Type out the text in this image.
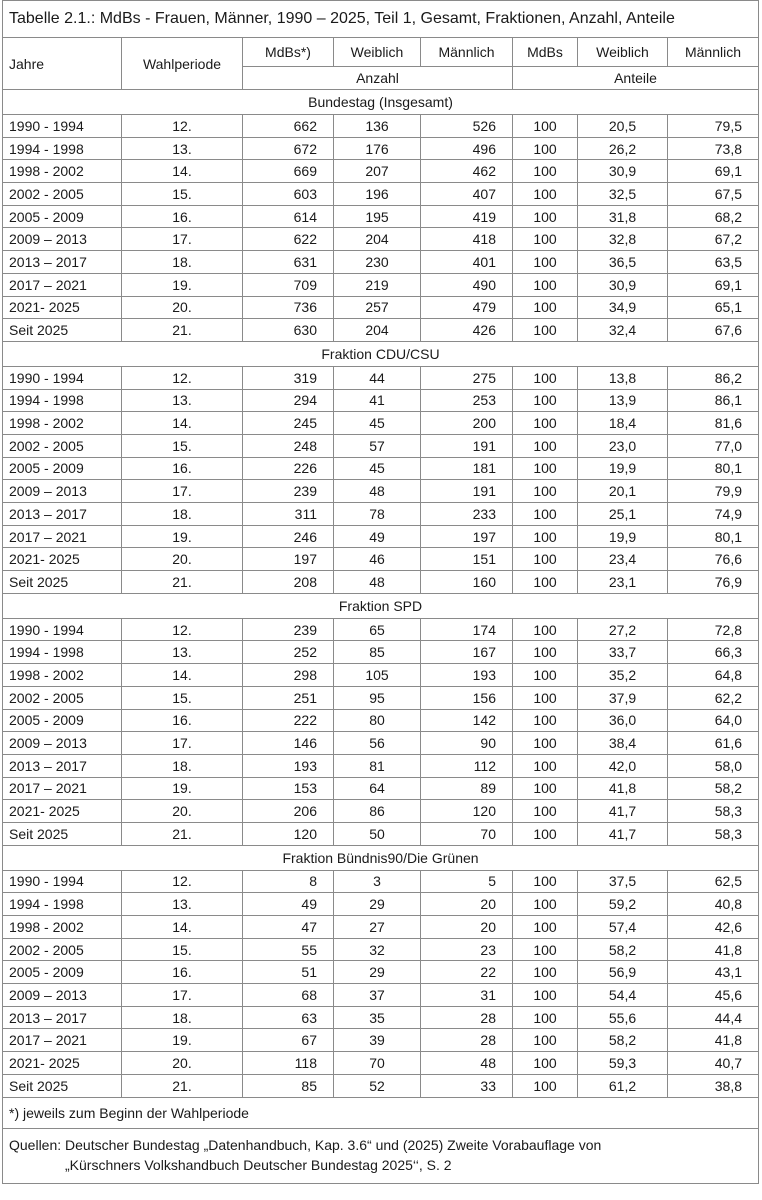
Tabelle 2.1.: MdBs - Frauen, Männer, 1990 – 2025, Teil 1, Gesamt, Fraktionen, Anzahl, Anteile							
Jahre	Wahlperiode	MdBs*)	Weiblich	Männlich	MdBs	Weiblich	Männlich
		Anzahl			Anteile		
Bundestag (Insgesamt)							
1990 - 1994	12.	662	136	526	100	20,5	79,5
1994 - 1998	13.	672	176	496	100	26,2	73,8
1998 - 2002	14.	669	207	462	100	30,9	69,1
2002 - 2005	15.	603	196	407	100	32,5	67,5
2005 - 2009	16.	614	195	419	100	31,8	68,2
2009 – 2013	17.	622	204	418	100	32,8	67,2
2013 – 2017	18.	631	230	401	100	36,5	63,5
2017 – 2021	19.	709	219	490	100	30,9	69,1
2021- 2025	20.	736	257	479	100	34,9	65,1
Seit 2025	21.	630	204	426	100	32,4	67,6
Fraktion CDU/CSU							
1990 - 1994	12.	319	44	275	100	13,8	86,2
1994 - 1998	13.	294	41	253	100	13,9	86,1
1998 - 2002	14.	245	45	200	100	18,4	81,6
2002 - 2005	15.	248	57	191	100	23,0	77,0
2005 - 2009	16.	226	45	181	100	19,9	80,1
2009 – 2013	17.	239	48	191	100	20,1	79,9
2013 – 2017	18.	311	78	233	100	25,1	74,9
2017 – 2021	19.	246	49	197	100	19,9	80,1
2021- 2025	20.	197	46	151	100	23,4	76,6
Seit 2025	21.	208	48	160	100	23,1	76,9
Fraktion SPD							
1990 - 1994	12.	239	65	174	100	27,2	72,8
1994 - 1998	13.	252	85	167	100	33,7	66,3
1998 - 2002	14.	298	105	193	100	35,2	64,8
2002 - 2005	15.	251	95	156	100	37,9	62,2
2005 - 2009	16.	222	80	142	100	36,0	64,0
2009 – 2013	17.	146	56	90	100	38,4	61,6
2013 – 2017	18.	193	81	112	100	42,0	58,0
2017 – 2021	19.	153	64	89	100	41,8	58,2
2021- 2025	20.	206	86	120	100	41,7	58,3
Seit 2025	21.	120	50	70	100	41,7	58,3
Fraktion Bündnis90/Die Grünen							
1990 - 1994	12.	8	3	5	100	37,5	62,5
1994 - 1998	13.	49	29	20	100	59,2	40,8
1998 - 2002	14.	47	27	20	100	57,4	42,6
2002 - 2005	15.	55	32	23	100	58,2	41,8
2005 - 2009	16.	51	29	22	100	56,9	43,1
2009 – 2013	17.	68	37	31	100	54,4	45,6
2013 – 2017	18.	63	35	28	100	55,6	44,4
2017 – 2021	19.	67	39	28	100	58,2	41,8
2021- 2025	20.	118	70	48	100	59,3	40,7
Seit 2025	21.	85	52	33	100	61,2	38,8
*) jeweils zum Beginn der Wahlperiode							
Quellen: Deutscher Bundestag „Datenhandbuch, Kap. 3.6“ und (2025) Zweite Vorabauflage von
„Kürschners Volkshandbuch Deutscher Bundestag 2025‘‘, S. 2							
